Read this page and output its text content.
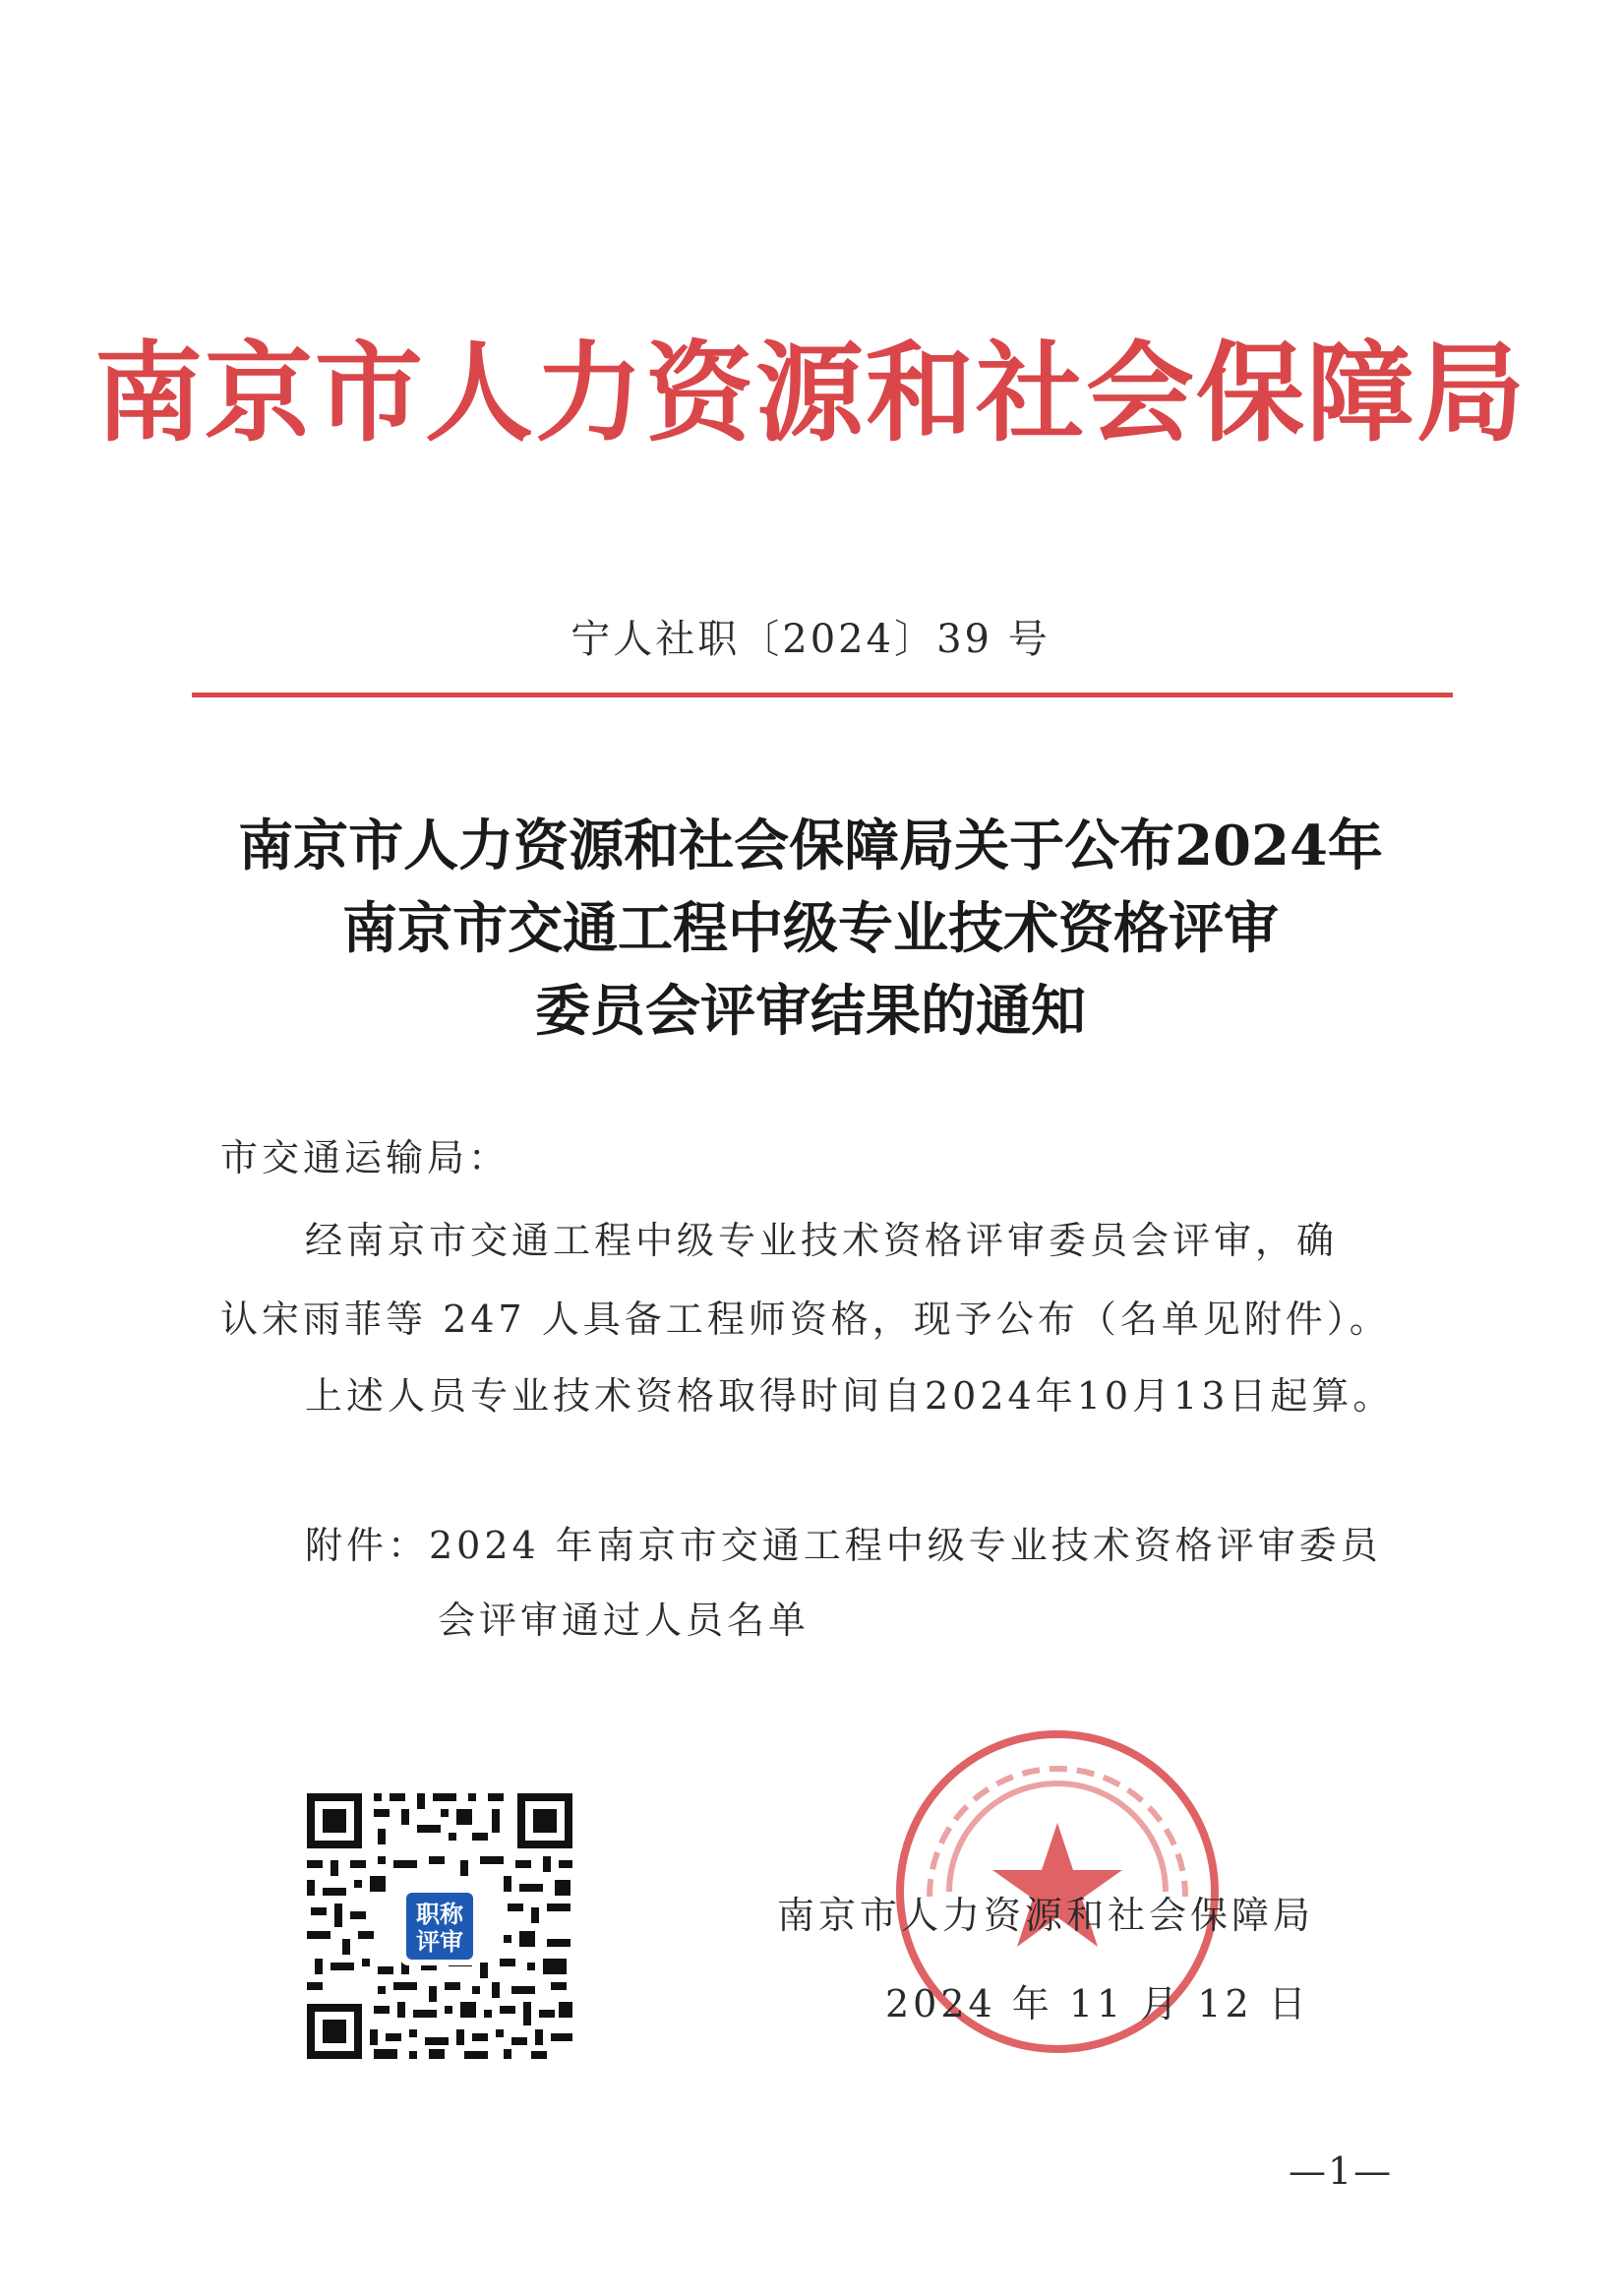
南京市人力资源和社会保障局
宁人社职〔2024〕39 号
南京市人力资源和社会保障局关于公布2024年
南京市交通工程中级专业技术资格评审
委员会评审结果的通知
市交通运输局：
经南京市交通工程中级专业技术资格评审委员会评审，确
认宋雨菲等 247 人具备工程师资格，现予公布（名单见附件）。
上述人员专业技术资格取得时间自2024年10月13日起算。
附件：2024 年南京市交通工程中级专业技术资格评审委员
会评审通过人员名单
职称
评审
南京市人力资源和社会保障局
2024 年 11 月 12 日
—1—
